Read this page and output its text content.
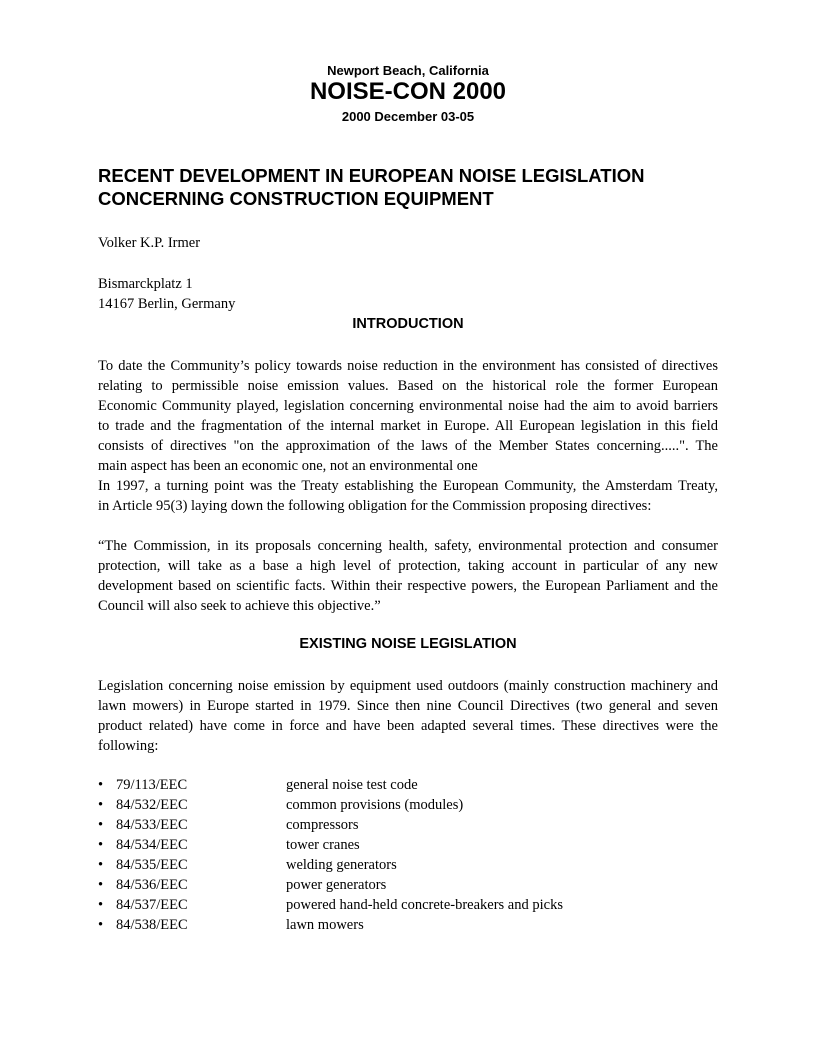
Newport Beach, California
NOISE-CON 2000
2000 December 03-05
RECENT DEVELOPMENT IN EUROPEAN NOISE LEGISLATION
CONCERNING CONSTRUCTION EQUIPMENT
Volker K.P. Irmer
Bismarckplatz 1
14167 Berlin, Germany
INTRODUCTION
To date the Community’s policy towards noise reduction in the environment has consisted of directives
relating to permissible noise emission values. Based on the historical role the former European
Economic Community played, legislation concerning environmental noise had the aim to avoid barriers
to trade and the fragmentation of the internal market in Europe. All European legislation in this field
consists of directives "on the approximation of the laws of the Member States concerning.....". The
main aspect has been an economic one, not an environmental one
In 1997, a turning point was the Treaty establishing the European Community, the Amsterdam Treaty,
in Article 95(3) laying down the following obligation for the Commission proposing directives:
“The Commission, in its proposals concerning health, safety, environmental protection and consumer
protection, will take as a base a high level of protection, taking account in particular of any new
development based on scientific facts. Within their respective powers, the European Parliament and the
Council will also seek to achieve this objective.”
EXISTING NOISE LEGISLATION
Legislation concerning noise emission by equipment used outdoors (mainly construction machinery and
lawn mowers) in Europe started in 1979. Since then nine Council Directives (two general and seven
product related) have come in force and have been adapted several times. These directives were the
following:
• 79/113/EEC	general noise test code
• 84/532/EEC	common provisions (modules)
• 84/533/EEC	compressors
• 84/534/EEC	tower cranes
• 84/535/EEC	welding generators
• 84/536/EEC	power generators
• 84/537/EEC	powered hand-held concrete-breakers and picks
• 84/538/EEC	lawn mowers
